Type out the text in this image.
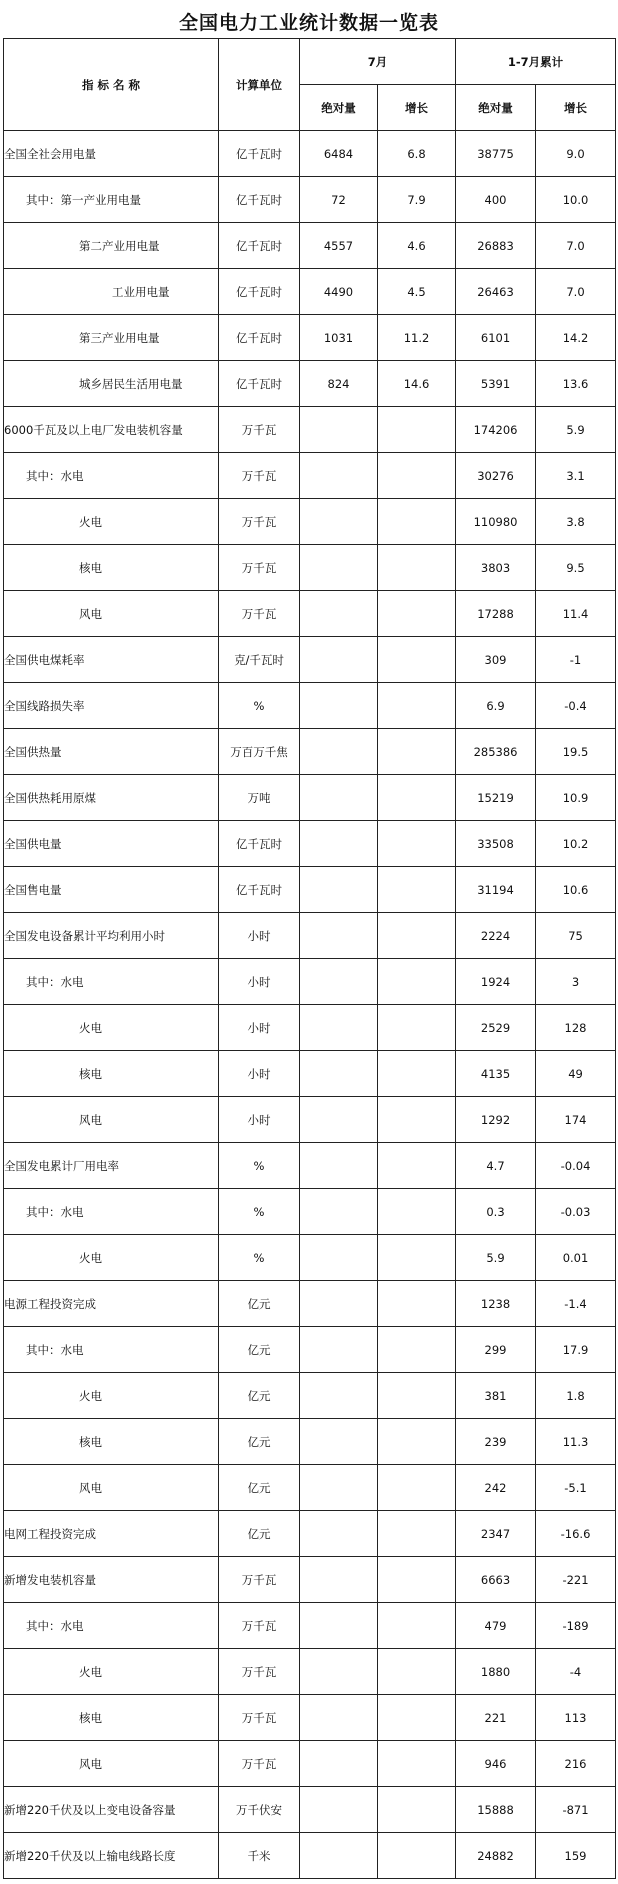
全国电力工业统计数据一览表
指 标 名 称	计算单位	7月		1-7月累计	
		绝对量	增长	绝对量	增长
全国全社会用电量	亿千瓦时	6484	6.8	38775	9.0
其中：第一产业用电量	亿千瓦时	72	7.9	400	10.0
第二产业用电量	亿千瓦时	4557	4.6	26883	7.0
工业用电量	亿千瓦时	4490	4.5	26463	7.0
第三产业用电量	亿千瓦时	1031	11.2	6101	14.2
城乡居民生活用电量	亿千瓦时	824	14.6	5391	13.6
6000千瓦及以上电厂发电装机容量	万千瓦			174206	5.9
其中：水电	万千瓦			30276	3.1
火电	万千瓦			110980	3.8
核电	万千瓦			3803	9.5
风电	万千瓦			17288	11.4
全国供电煤耗率	克/千瓦时			309	-1
全国线路损失率	%			6.9	-0.4
全国供热量	万百万千焦			285386	19.5
全国供热耗用原煤	万吨			15219	10.9
全国供电量	亿千瓦时			33508	10.2
全国售电量	亿千瓦时			31194	10.6
全国发电设备累计平均利用小时	小时			2224	75
其中：水电	小时			1924	3
火电	小时			2529	128
核电	小时			4135	49
风电	小时			1292	174
全国发电累计厂用电率	%			4.7	-0.04
其中：水电	%			0.3	-0.03
火电	%			5.9	0.01
电源工程投资完成	亿元			1238	-1.4
其中：水电	亿元			299	17.9
火电	亿元			381	1.8
核电	亿元			239	11.3
风电	亿元			242	-5.1
电网工程投资完成	亿元			2347	-16.6
新增发电装机容量	万千瓦			6663	-221
其中：水电	万千瓦			479	-189
火电	万千瓦			1880	-4
核电	万千瓦			221	113
风电	万千瓦			946	216
新增220千伏及以上变电设备容量	万千伏安			15888	-871
新增220千伏及以上输电线路长度	千米			24882	159
